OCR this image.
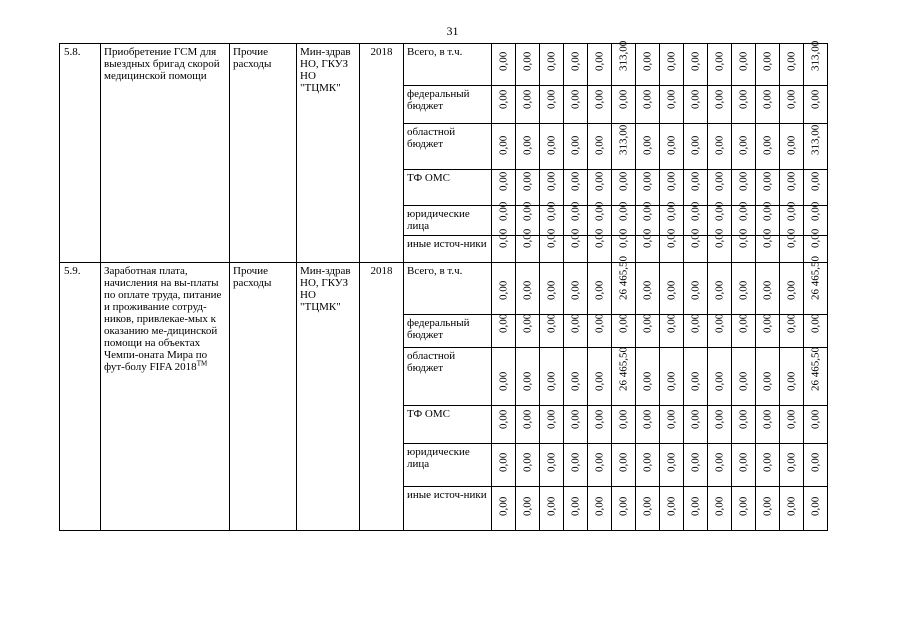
31
5.8.	Приобретение ГСМ для выездных бригад скорой медицинской помощи	Прочие расходы	Мин-здрав НО, ГКУЗ НО "ТЦМК"	2018	Всего, в т.ч.	0,00	0,00	0,00	0,00	0,00	313,00	0,00	0,00	0,00	0,00	0,00	0,00	0,00	313,00

					федеральный бюджет	0,00	0,00	0,00	0,00	0,00	0,00	0,00	0,00	0,00	0,00	0,00	0,00	0,00	0,00

					областной бюджет	0,00	0,00	0,00	0,00	0,00	313,00	0,00	0,00	0,00	0,00	0,00	0,00	0,00	313,00

					ТФ ОМС	0,00	0,00	0,00	0,00	0,00	0,00	0,00	0,00	0,00	0,00	0,00	0,00	0,00	0,00

					юридические лица	0,00	0,00	0,00	0,00	0,00	0,00	0,00	0,00	0,00	0,00	0,00	0,00	0,00	0,00

					иные источ-ники	0,00	0,00	0,00	0,00	0,00	0,00	0,00	0,00	0,00	0,00	0,00	0,00	0,00	0,00

5.9.	Заработная плата, начисления на вы-платы по оплате труда, питание и проживание сотруд-ников, привлекае-мых к оказанию ме-дицинской помощи на объектах Чемпи-оната Мира по фут-болу FIFA 2018™	Прочие расходы	Мин-здрав НО, ГКУЗ НО "ТЦМК"	2018	Всего, в т.ч.	0,00	0,00	0,00	0,00	0,00	26 465,50	0,00	0,00	0,00	0,00	0,00	0,00	0,00	26 465,50

					федеральный бюджет	0,00	0,00	0,00	0,00	0,00	0,00	0,00	0,00	0,00	0,00	0,00	0,00	0,00	0,00

					областной бюджет	0,00	0,00	0,00	0,00	0,00	26 465,50	0,00	0,00	0,00	0,00	0,00	0,00	0,00	26 465,50

					ТФ ОМС	0,00	0,00	0,00	0,00	0,00	0,00	0,00	0,00	0,00	0,00	0,00	0,00	0,00	0,00

					юридические лица	0,00	0,00	0,00	0,00	0,00	0,00	0,00	0,00	0,00	0,00	0,00	0,00	0,00	0,00

					иные источ-ники	0,00	0,00	0,00	0,00	0,00	0,00	0,00	0,00	0,00	0,00	0,00	0,00	0,00	0,00
